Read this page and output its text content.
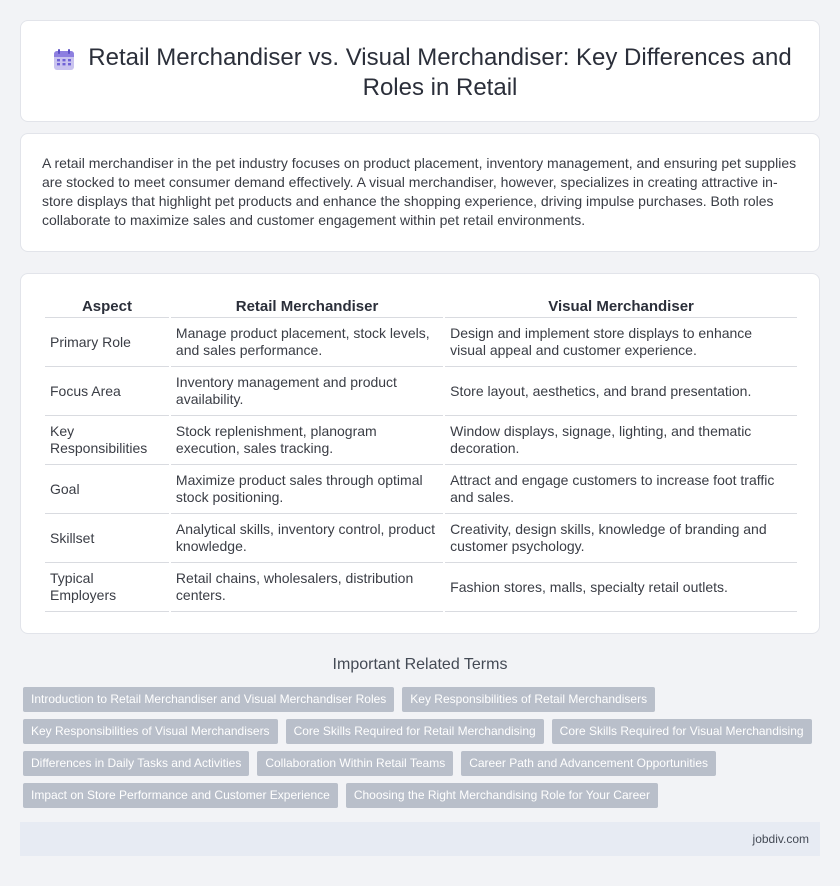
Retail Merchandiser vs. Visual Merchandiser: Key Differences and Roles in Retail

A retail merchandiser in the pet industry focuses on product placement, inventory management, and ensuring pet supplies are stocked to meet consumer demand effectively. A visual merchandiser, however, specializes in creating attractive in-store displays that highlight pet products and enhance the shopping experience, driving impulse purchases. Both roles collaborate to maximize sales and customer engagement within pet retail environments.

Aspect	Retail Merchandiser	Visual Merchandiser
Primary Role	Manage product placement, stock levels, and sales performance.	Design and implement store displays to enhance visual appeal and customer experience.
Focus Area	Inventory management and product availability.	Store layout, aesthetics, and brand presentation.
Key Responsibilities	Stock replenishment, planogram execution, sales tracking.	Window displays, signage, lighting, and thematic decoration.
Goal	Maximize product sales through optimal stock positioning.	Attract and engage customers to increase foot traffic and sales.
Skillset	Analytical skills, inventory control, product knowledge.	Creativity, design skills, knowledge of branding and customer psychology.
Typical Employers	Retail chains, wholesalers, distribution centers.	Fashion stores, malls, specialty retail outlets.
Important Related Terms
Introduction to Retail Merchandiser and Visual Merchandiser Roles	Key Responsibilities of Retail Merchandisers
Key Responsibilities of Visual Merchandisers	Core Skills Required for Retail Merchandising	Core Skills Required for Visual Merchandising
Differences in Daily Tasks and Activities	Collaboration Within Retail Teams	Career Path and Advancement Opportunities
Impact on Store Performance and Customer Experience	Choosing the Right Merchandising Role for Your Career
jobdiv.com
